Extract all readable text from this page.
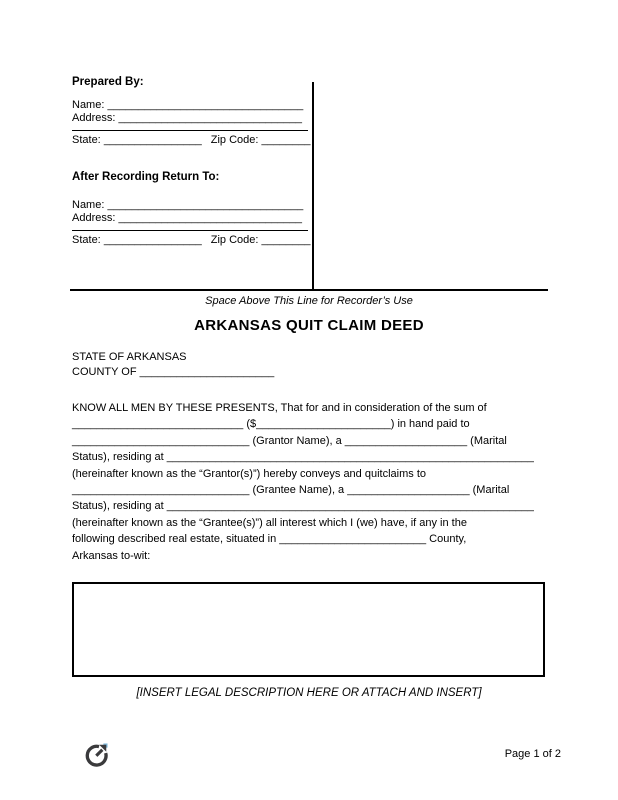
Prepared By:
Name: ________________________________
Address: ______________________________
State: ________________ Zip Code: ________
After Recording Return To:
Name: ________________________________
Address: ______________________________
State: ________________ Zip Code: ________
Space Above This Line for Recorder’s Use
ARKANSAS QUIT CLAIM DEED
STATE OF ARKANSAS
COUNTY OF ______________________
KNOW ALL MEN BY THESE PRESENTS, That for and in consideration of the sum of
____________________________ ($______________________) in hand paid to
_____________________________ (Grantor Name), a ____________________ (Marital
Status), residing at ____________________________________________________________
(hereinafter known as the “Grantor(s)”) hereby conveys and quitclaims to
_____________________________ (Grantee Name), a ____________________ (Marital
Status), residing at ____________________________________________________________
(hereinafter known as the “Grantee(s)”) all interest which I (we) have, if any in the
following described real estate, situated in ________________________ County,
Arkansas to-wit:
[INSERT LEGAL DESCRIPTION HERE OR ATTACH AND INSERT]
Page 1 of 2
